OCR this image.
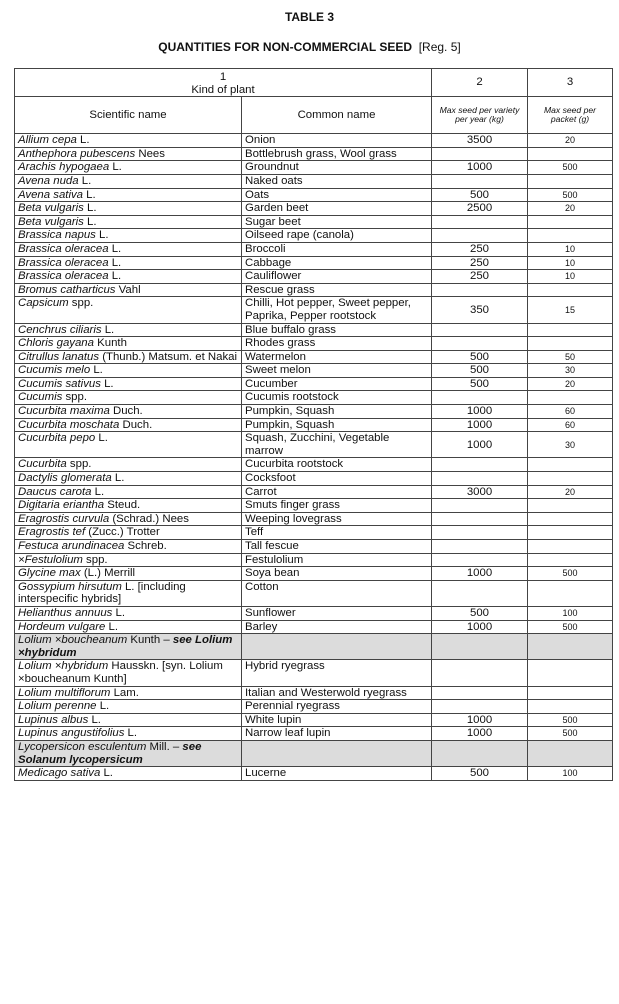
TABLE 3
QUANTITIES FOR NON-COMMERCIAL SEED [Reg. 5]
1		2	3
Kind of plant			
Scientific name	Common name	Max seed per variety per year (kg)	Max seed per packet (g)
Allium cepa L.	Onion	3500	20
Anthephora pubescens Nees	Bottlebrush grass, Wool grass		
Arachis hypogaea L.	Groundnut	1000	500
Avena nuda L.	Naked oats		
Avena sativa L.	Oats	500	500
Beta vulgaris L.	Garden beet	2500	20
Beta vulgaris L.	Sugar beet		
Brassica napus L.	Oilseed rape (canola)		
Brassica oleracea L.	Broccoli	250	10
Brassica oleracea L.	Cabbage	250	10
Brassica oleracea L.	Cauliflower	250	10
Bromus catharticus Vahl	Rescue grass		
Capsicum spp.	Chilli, Hot pepper, Sweet pepper, Paprika, Pepper rootstock	350	15
Cenchrus ciliaris L.	Blue buffalo grass		
Chloris gayana Kunth	Rhodes grass		
Citrullus lanatus (Thunb.) Matsum. et Nakai	Watermelon	500	50
Cucumis melo L.	Sweet melon	500	30
Cucumis sativus L.	Cucumber	500	20
Cucumis spp.	Cucumis rootstock		
Cucurbita maxima Duch.	Pumpkin, Squash	1000	60
Cucurbita moschata Duch.	Pumpkin, Squash	1000	60
Cucurbita pepo L.	Squash, Zucchini, Vegetable marrow	1000	30
Cucurbita spp.	Cucurbita rootstock		
Dactylis glomerata L.	Cocksfoot		
Daucus carota L.	Carrot	3000	20
Digitaria eriantha Steud.	Smuts finger grass		
Eragrostis curvula (Schrad.) Nees	Weeping lovegrass		
Eragrostis tef (Zucc.) Trotter	Teff		
Festuca arundinacea Schreb.	Tall fescue		
×Festulolium spp.	Festulolium		
Glycine max (L.) Merrill	Soya bean	1000	500
Gossypium hirsutum L. [including interspecific hybrids]	Cotton		
Helianthus annuus L.	Sunflower	500	100
Hordeum vulgare L.	Barley	1000	500
Lolium ×boucheanum Kunth – see Lolium ×hybridum			
Lolium ×hybridum Hausskn. [syn. Lolium ×boucheanum Kunth]	Hybrid ryegrass		
Lolium multiflorum Lam.	Italian and Westerwold ryegrass		
Lolium perenne L.	Perennial ryegrass		
Lupinus albus L.	White lupin	1000	500
Lupinus angustifolius L.	Narrow leaf lupin	1000	500
Lycopersicon esculentum Mill. – see Solanum lycopersicum			
Medicago sativa L.	Lucerne	500	100
